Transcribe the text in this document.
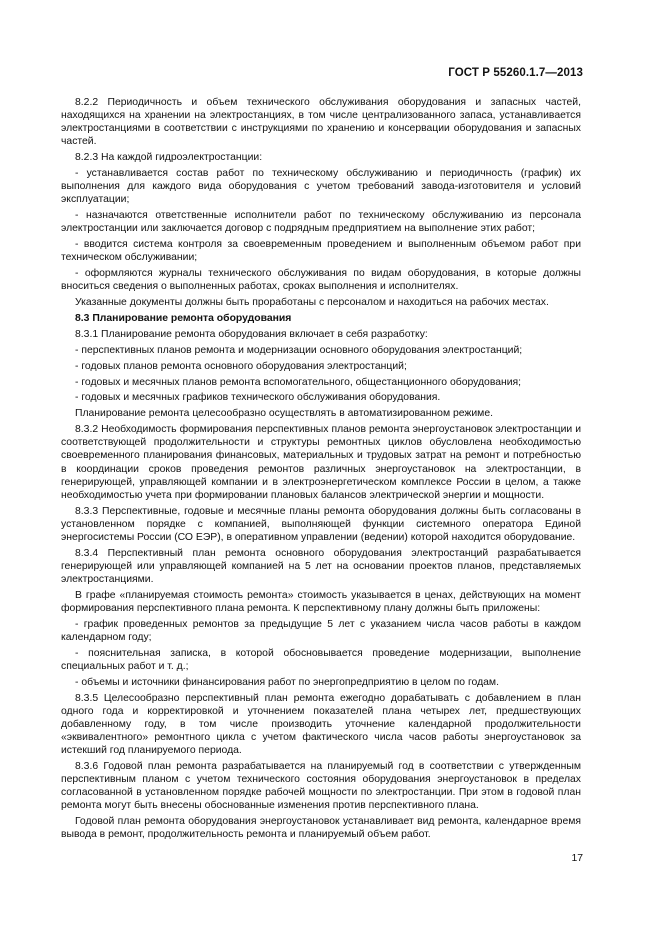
ГОСТ Р 55260.1.7—2013

8.2.2 Периодичность и объем технического обслуживания оборудования и запасных частей, находящихся на хранении на электростанциях, в том числе централизованного запаса, устанавливается электростанциями в соответствии с инструкциями по хранению и консервации оборудования и запасных частей.

8.2.3 На каждой гидроэлектростанции:

- устанавливается состав работ по техническому обслуживанию и периодичность (график) их выполнения для каждого вида оборудования с учетом требований завода-изготовителя и условий эксплуатации;

- назначаются ответственные исполнители работ по техническому обслуживанию из персонала электростанции или заключается договор с подрядным предприятием на выполнение этих работ;

- вводится система контроля за своевременным проведением и выполненным объемом работ при техническом обслуживании;

- оформляются журналы технического обслуживания по видам оборудования, в которые должны вноситься сведения о выполненных работах, сроках выполнения и исполнителях.

Указанные документы должны быть проработаны с персоналом и находиться на рабочих местах.

8.3 Планирование ремонта оборудования

8.3.1 Планирование ремонта оборудования включает в себя разработку:

- перспективных планов ремонта и модернизации основного оборудования электростанций;

- годовых планов ремонта основного оборудования электростанций;

- годовых и месячных планов ремонта вспомогательного, общестанционного оборудования;

- годовых и месячных графиков технического обслуживания оборудования.

Планирование ремонта целесообразно осуществлять в автоматизированном режиме.

8.3.2 Необходимость формирования перспективных планов ремонта энергоустановок электростанции и соответствующей продолжительности и структуры ремонтных циклов обусловлена необходимостью своевременного планирования финансовых, материальных и трудовых затрат на ремонт и потребностью в координации сроков проведения ремонтов различных энергоустановок на электростанции, в генерирующей, управляющей компании и в электроэнергетическом комплексе России в целом, а также необходимостью учета при формировании плановых балансов электрической энергии и мощности.

8.3.3 Перспективные, годовые и месячные планы ремонта оборудования должны быть согласованы в установленном порядке с компанией, выполняющей функции системного оператора Единой энергосистемы России (СО ЕЭР), в оперативном управлении (ведении) которой находится оборудование.

8.3.4 Перспективный план ремонта основного оборудования электростанций разрабатывается генерирующей или управляющей компанией на 5 лет на основании проектов планов, представляемых электростанциями.

В графе «планируемая стоимость ремонта» стоимость указывается в ценах, действующих на момент формирования перспективного плана ремонта. К перспективному плану должны быть приложены:

- график проведенных ремонтов за предыдущие 5 лет с указанием числа часов работы в каждом календарном году;

- пояснительная записка, в которой обосновывается проведение модернизации, выполнение специальных работ и т. д.;

- объемы и источники финансирования работ по энергопредприятию в целом по годам.

8.3.5 Целесообразно перспективный план ремонта ежегодно дорабатывать с добавлением в план одного года и корректировкой и уточнением показателей плана четырех лет, предшествующих добавленному году, в том числе производить уточнение календарной продолжительности «эквивалентного» ремонтного цикла с учетом фактического числа часов работы энергоустановок за истекший год планируемого периода.

8.3.6 Годовой план ремонта разрабатывается на планируемый год в соответствии с утвержденным перспективным планом с учетом технического состояния оборудования энергоустановок в пределах согласованной в установленном порядке рабочей мощности по электростанции. При этом в годовой план ремонта могут быть внесены обоснованные изменения против перспективного плана.

Годовой план ремонта оборудования энергоустановок устанавливает вид ремонта, календарное время вывода в ремонт, продолжительность ремонта и планируемый объем работ.

17
